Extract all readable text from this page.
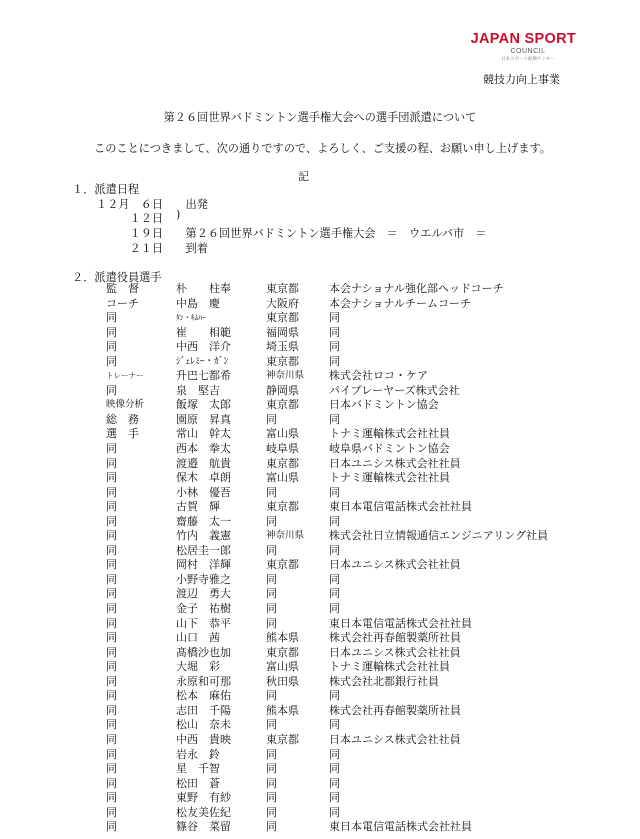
JAPAN SPORT
COUNCIL
日本スポーツ振興センター
競技力向上事業
第２６回世界バドミントン選手権大会への選手団派遣について
このことにつきまして、次の通りですので、よろしく、ご支援の程、お願い申し上げます。
記
１．派遣日程
１２月　６日　　出発
　　　１２日
　　　１９日　　第２６回世界バドミントン選手権大会　＝　ウエルバ市　＝
　　　２１日　　到着
)
２．派遣役員選手
監　督	朴　　柱奉	東京都	本会ナショナル強化部ヘッドコーチ
コーチ	中島　慶	大阪府	本会ナショナルチームコーチ
同	ﾀﾝ・ｷﾑﾊｰ	東京都	同
同	崔　　相範	福岡県	同
同	中西　洋介	埼玉県	同
同	ｼﾞｪﾚﾐｰ・ｶﾞﾝ	東京都	同
トレーナー	升巴七都希	神奈川県 株式会社ロコ・ケア
同	泉　堅吉	静岡県	パイプレーヤーズ株式会社
映像分析	飯塚　太郎	東京都	日本バドミントン協会
総　務	園原　昇真	同	同
選　手	常山　幹太	富山県	トナミ運輸株式会社社員
同	西本　拳太	岐阜県	岐阜県バドミントン協会
同	渡邉　航貴	東京都	日本ユニシス株式会社社員
同	保木　卓朗	富山県	トナミ運輸株式会社社員
同	小林　優吾	同	同
同	古賀　輝	東京都	東日本電信電話株式会社社員
同	齋藤　太一	同	同
同	竹内　義憲	神奈川県 株式会社日立情報通信エンジニアリング社員
同	松居圭一郎	同	同
同	岡村　洋輝	東京都	日本ユニシス株式会社社員
同	小野寺雅之	同	同
同	渡辺　勇大	同	同
同	金子　祐樹	同	同
同	山下　恭平	同	東日本電信電話株式会社社員
同	山口　茜	熊本県	株式会社再春館製薬所社員
同	髙橋沙也加	東京都	日本ユニシス株式会社社員
同	大堀　彩	富山県	トナミ運輸株式会社社員
同	永原和可那	秋田県	株式会社北都銀行社員
同	松本　麻佑	同	同
同	志田　千陽	熊本県	株式会社再春館製薬所社員
同	松山　奈未	同	同
同	中西　貴映	東京都	日本ユニシス株式会社社員
同	岩永　鈴	同	同
同	星　千智	同	同
同	松田　蒼	同	同
同	東野　有紗	同	同
同	松友美佐紀	同	同
同	篠谷　菜留	同	東日本電信電話株式会社社員
